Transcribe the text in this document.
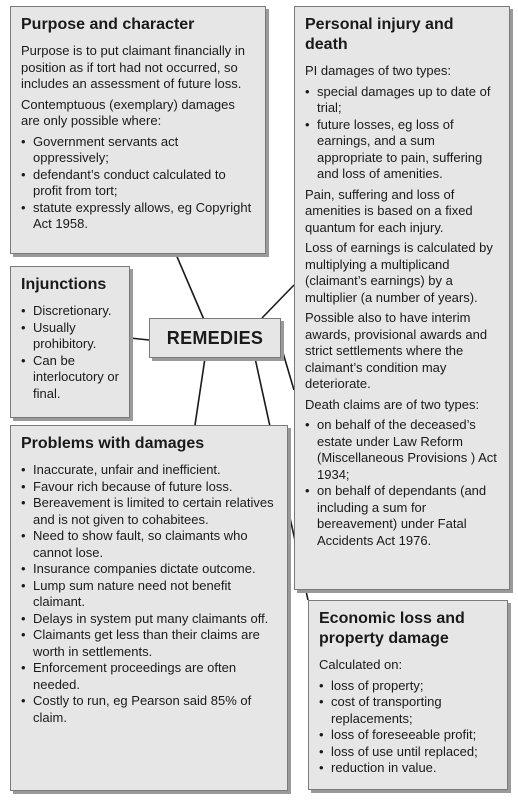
Purpose and character

Purpose is to put claimant financially in position as if tort had not occurred, so includes an assessment of future loss.

Contemptuous (exemplary) damages are only possible where:

• Government servants act oppressively;
• defendant’s conduct calculated to profit from tort;
• statute expressly allows, eg Copyright Act 1958.
Injunctions
• Discretionary.
• Usually prohibitory.
• Can be interlocutory or final.
Problems with damages
• Inaccurate, unfair and inefficient.
• Favour rich because of future loss.
• Bereavement is limited to certain relatives and is not given to cohabitees.
• Need to show fault, so claimants who cannot lose.
• Insurance companies dictate outcome.
• Lump sum nature need not benefit claimant.
• Delays in system put many claimants off.
• Claimants get less than their claims are worth in settlements.
• Enforcement proceedings are often needed.
• Costly to run, eg Pearson said 85% of claim.
Personal injury and death

PI damages of two types:

• special damages up to date of trial;
• future losses, eg loss of earnings, and a sum appropriate to pain, suffering and loss of amenities.

Pain, suffering and loss of amenities is based on a fixed quantum for each injury.

Loss of earnings is calculated by multiplying a multiplicand (claimant’s earnings) by a multiplier (a number of years).

Possible also to have interim awards, provisional awards and strict settlements where the claimant’s condition may deteriorate.

Death claims are of two types:

• on behalf of the deceased’s estate under Law Reform (Miscellaneous Provisions ) Act 1934;
• on behalf of dependants (and including a sum for bereavement) under Fatal Accidents Act 1976.
Economic loss and property damage

Calculated on:

• loss of property;
• cost of transporting replacements;
• loss of foreseeable profit;
• loss of use until replaced;
• reduction in value.
REMEDIES
